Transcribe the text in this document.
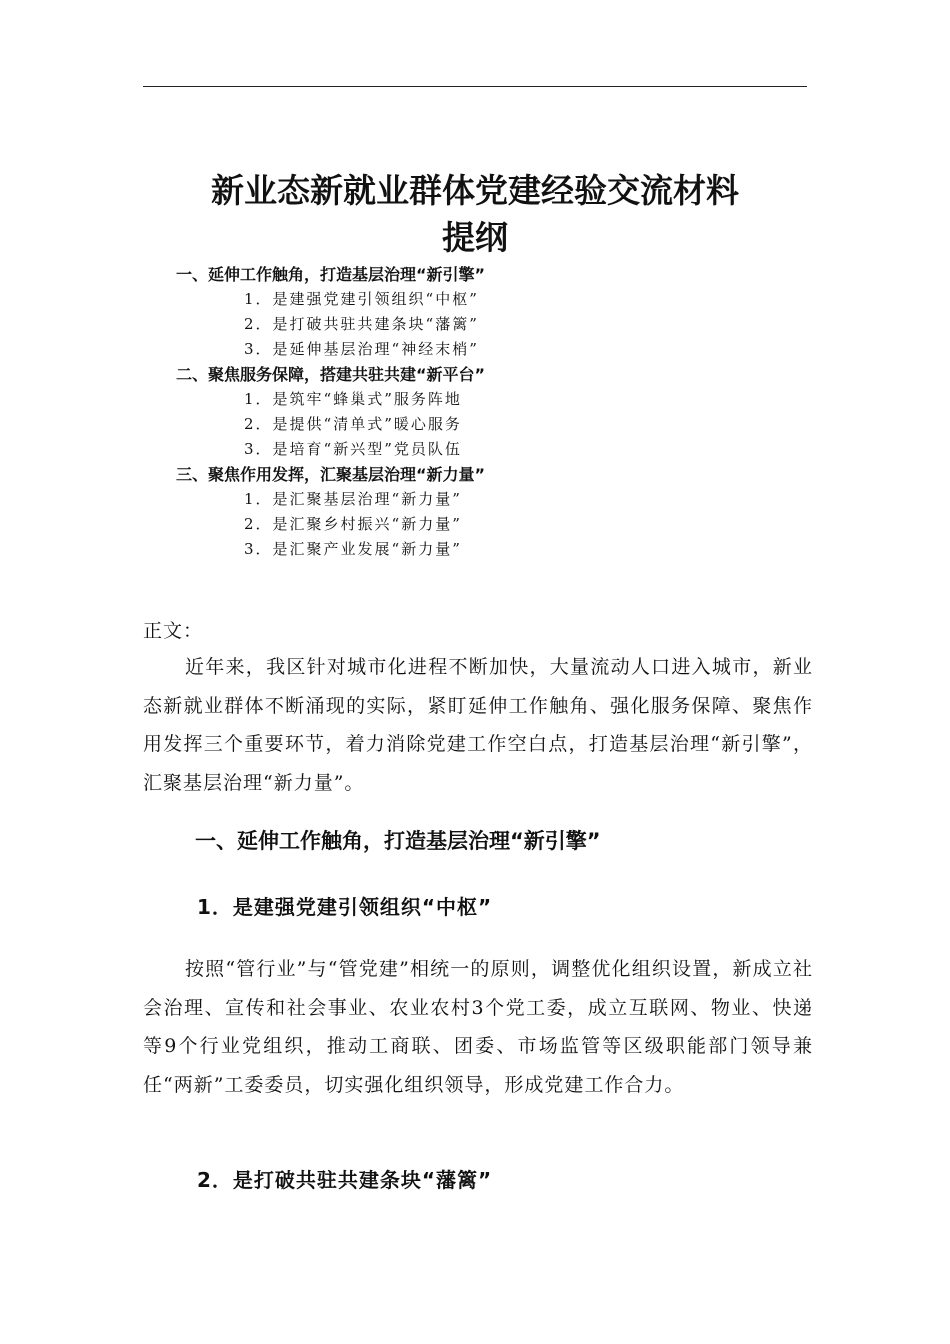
新业态新就业群体党建经验交流材料
提纲
一、延伸工作触角，打造基层治理“新引擎”
1．是建强党建引领组织“中枢”
2．是打破共驻共建条块“藩篱”
3．是延伸基层治理“神经末梢”
二、聚焦服务保障，搭建共驻共建“新平台”
1．是筑牢“蜂巢式”服务阵地
2．是提供“清单式”暖心服务
3．是培育“新兴型”党员队伍
三、聚焦作用发挥，汇聚基层治理“新力量”
1．是汇聚基层治理“新力量”
2．是汇聚乡村振兴“新力量”
3．是汇聚产业发展“新力量”
正文：

近年来，我区针对城市化进程不断加快，大量流动人口进入城市，新业态新就业群体不断涌现的实际，紧盯延伸工作触角、强化服务保障、聚焦作用发挥三个重要环节，着力消除党建工作空白点，打造基层治理“新引擎”，汇聚基层治理“新力量”。

一、延伸工作触角，打造基层治理“新引擎”
1．是建强党建引领组织“中枢”

按照“管行业”与“管党建”相统一的原则，调整优化组织设置，新成立社会治理、宣传和社会事业、农业农村3个党工委，成立互联网、物业、快递等9个行业党组织，推动工商联、团委、市场监管等区级职能部门领导兼任“两新”工委委员，切实强化组织领导，形成党建工作合力。

2．是打破共驻共建条块“藩篱”
